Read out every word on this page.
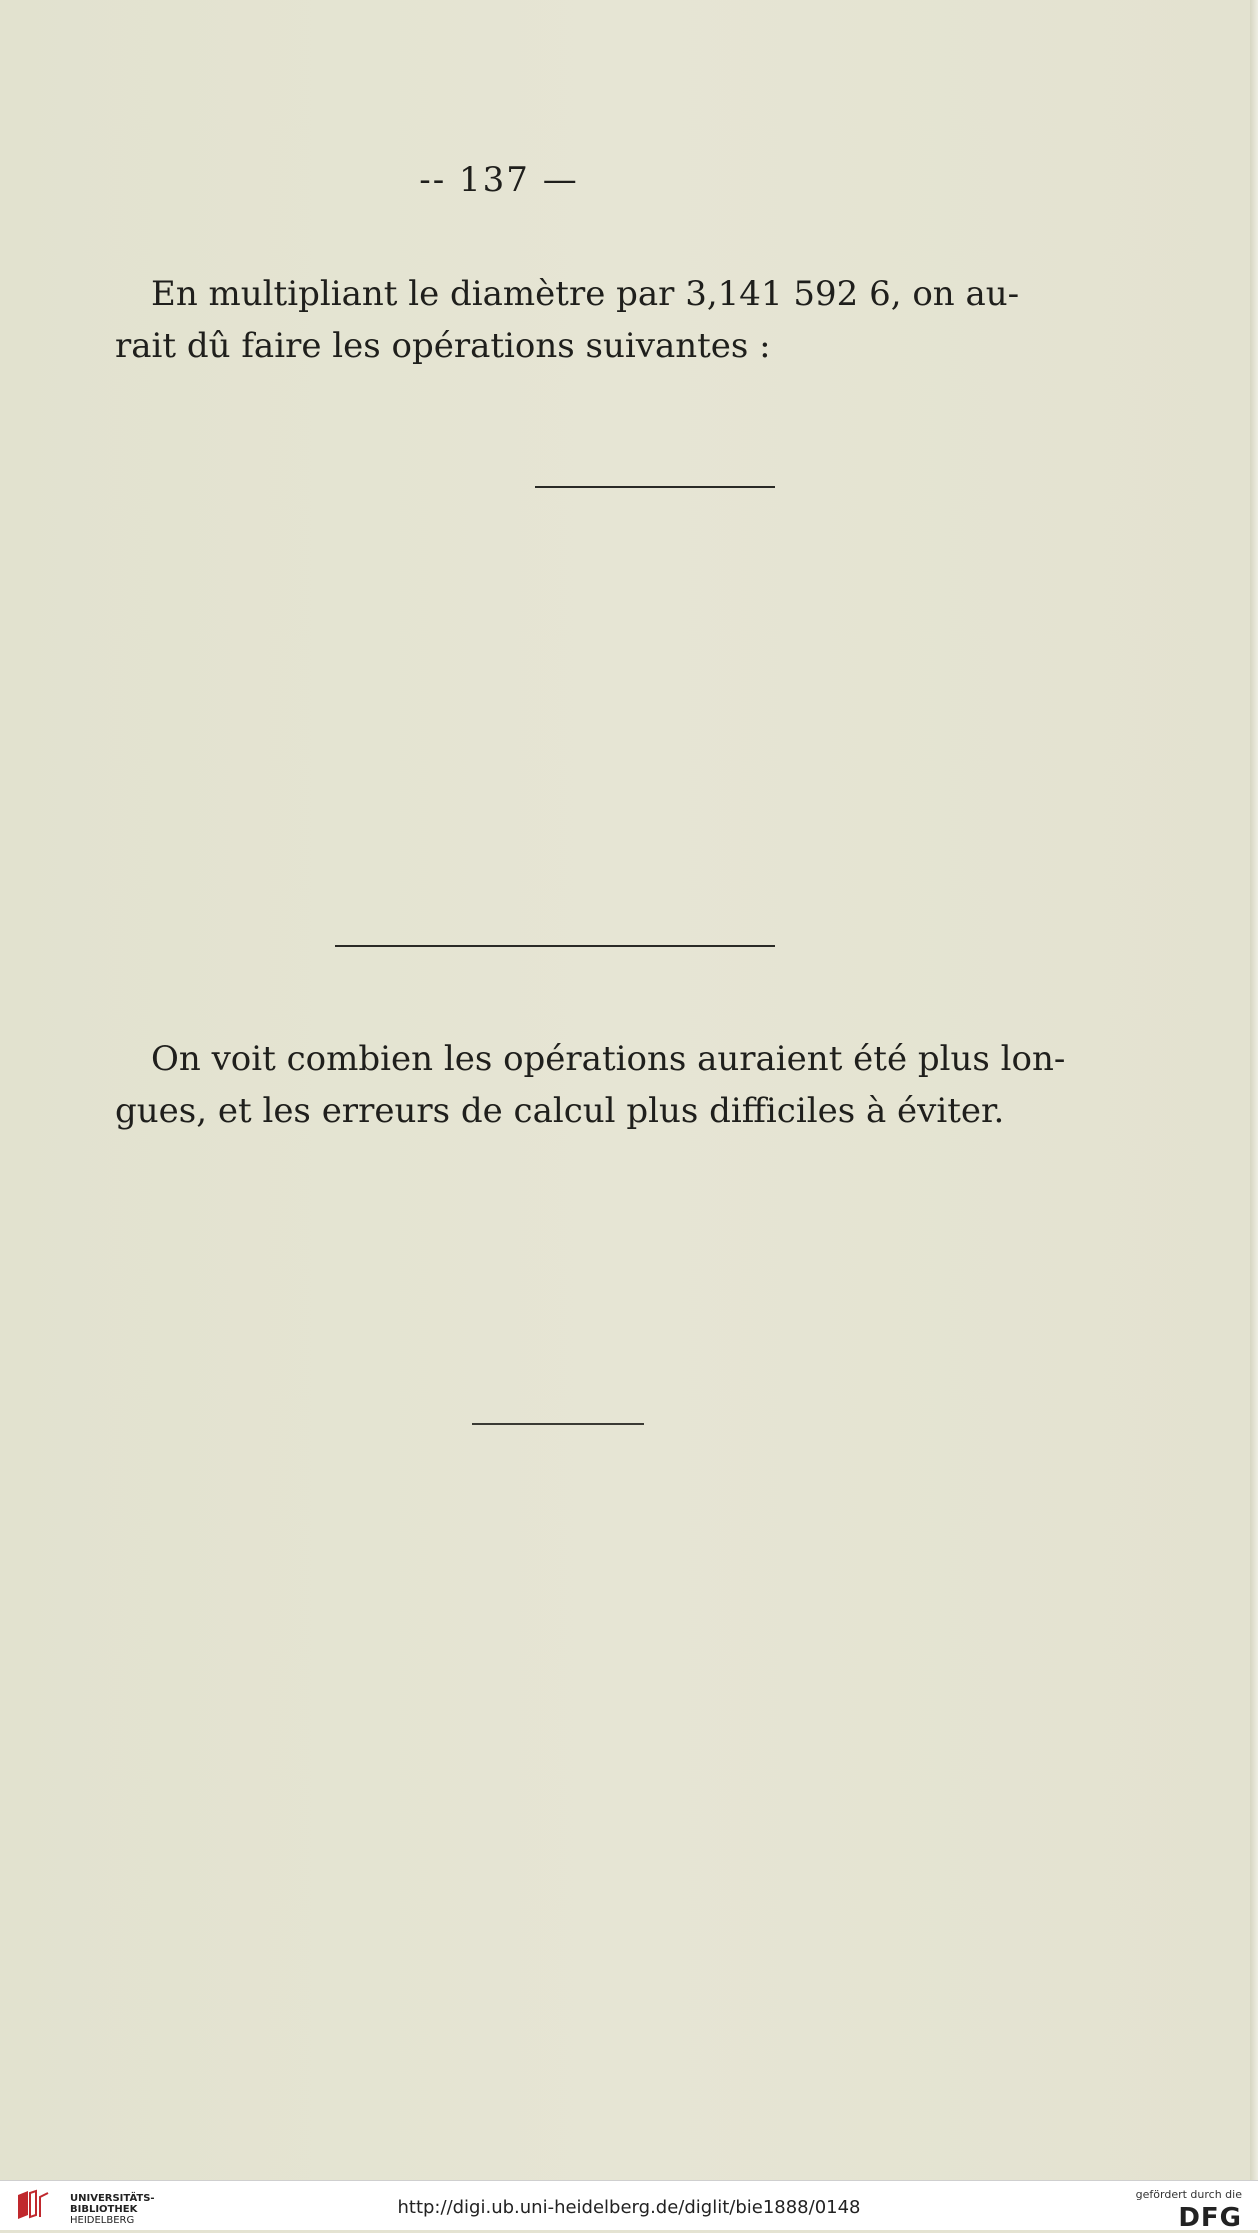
-- 137 —
En multipliant le diamètre par 3,141 592 6, on au-
rait dû faire les opérations suivantes :
On voit combien les opérations auraient été plus lon-
gues, et les erreurs de calcul plus difficiles à éviter.
UNIVERSITÄTS-
BIBLIOTHEK
HEIDELBERG
http://digi.ub.uni-heidelberg.de/diglit/bie1888/0148
gefördert durch die
DFG
